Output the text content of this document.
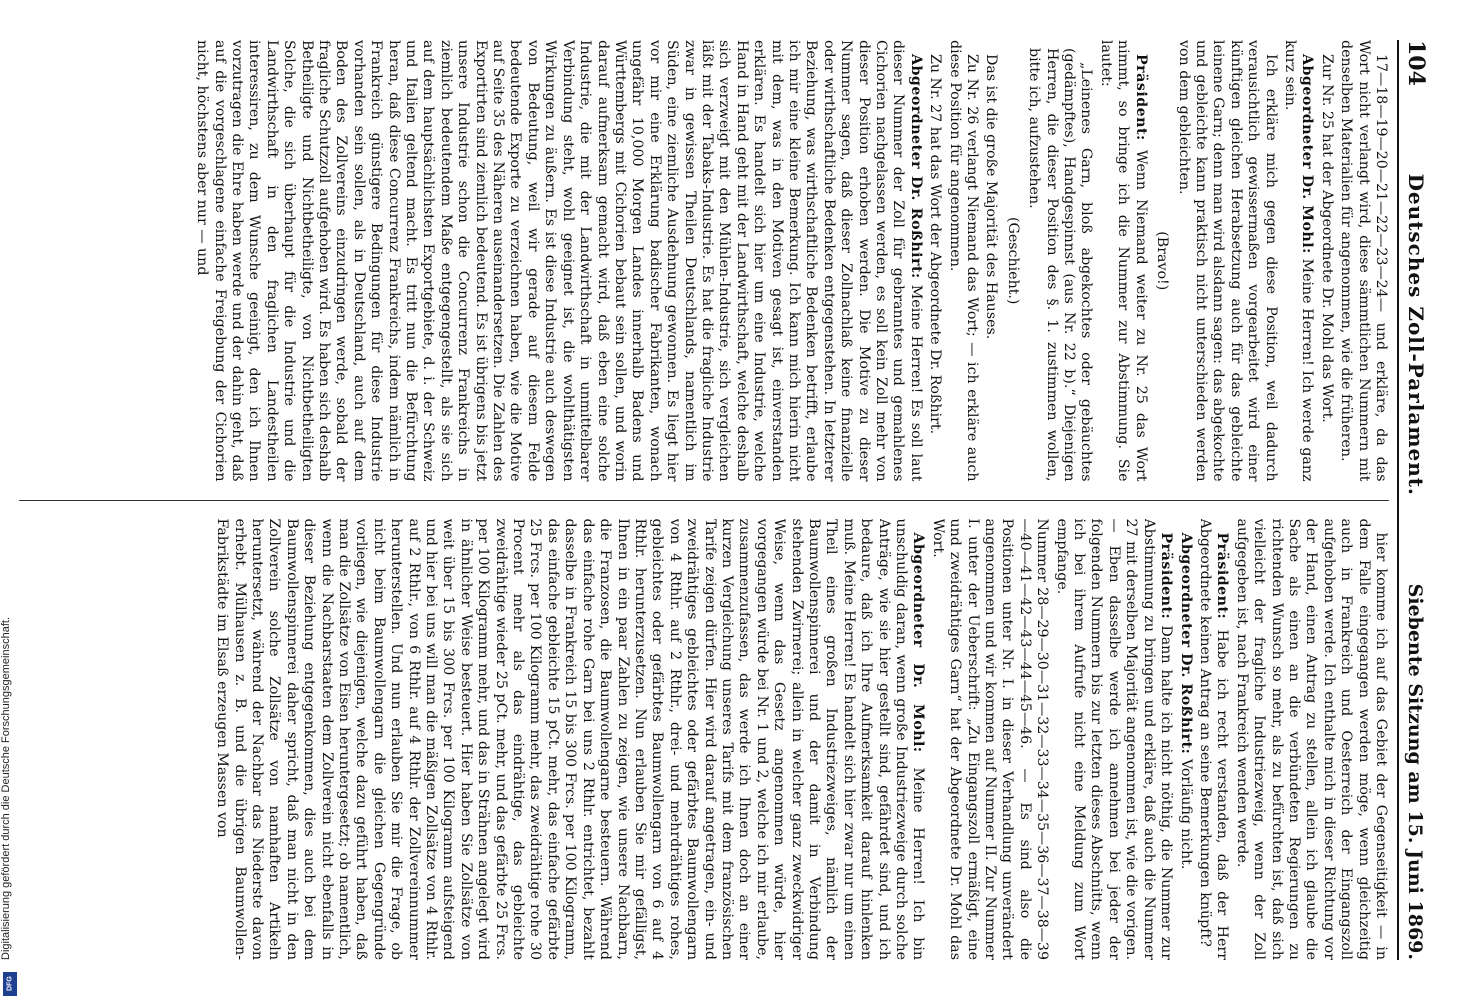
104
Deutsches Zoll-Parlament.
Siebente Sitzung am 15. Juni 1869.

17—18—19—20—21—22—23—24— und erkläre, da das Wort nicht verlangt wird, diese sämmtlichen Nummern mit denselben Materialien für angenommen, wie die früheren.

Zur Nr. 25 hat der Abgeordnete Dr. Mohl das Wort.

Abgeordneter Dr. Mohl: Meine Herren! Ich werde ganz kurz sein.

Ich erkläre mich gegen diese Position, weil dadurch verausichtlich gewissermaßen vorgearbeitet wird einer künftigen gleichen Herabsetzung auch für das gebleichte leinene Garn; denn man wird alsdann sagen: das abgekochte und gebleichte kann praktisch nicht unterschieden werden von dem gebleichten.

(Bravo!)

Präsident: Wenn Niemand weiter zu Nr. 25 das Wort nimmt, so bringe ich die Nummer zur Abstimmung. Sie lautet:

„Leinenes Garn, bloß abgekochtes oder gebäuchtes (gedämpftes), Handgespinnst (aus Nr. 22 b).“ Diejenigen Herren, die dieser Position des §. 1. zustimmen wollen, bitte ich, aufzustehen.

(Geschieht.)

Das ist die große Majorität des Hauses.

Zu Nr. 26 verlangt Niemand das Wort; — ich erkläre auch diese Position für angenommen.

Zu Nr. 27 hat das Wort der Abgeordnete Dr. Roßhirt.

Abgeordneter Dr. Roßhirt: Meine Herren! Es soll laut dieser Nummer der Zoll für gebranntes und gemahlenes Cichorien nachgelassen werden, es soll kein Zoll mehr von dieser Position erhoben werden. Die Motive zu dieser Nummer sagen, daß dieser Zollnachlaß keine finanzielle oder wirthschaftliche Bedenken entgegenstehen. In letzterer Beziehung, was wirthschaftliche Bedenken betrifft, erlaube ich mir eine kleine Bemerkung. Ich kann mich hierin nicht mit dem, was in den Motiven gesagt ist, einverstanden erklären. Es handelt sich hier um eine Industrie, welche Hand in Hand geht mit der Landwirthschaft, welche deshalb sich verzweigt mit den Mühlen-Industrie, sich vergleichen läßt mit der Tabaks-Industrie. Es hat die fragliche Industrie zwar in gewissen Theilen Deutschlands, namentlich im Süden, eine ziemliche Ausdehnung gewonnen. Es liegt hier vor mir eine Erklärung badischer Fabrikanten, wonach ungefähr 10,000 Morgen Landes innerhalb Badens und Württembergs mit Cichorien bebaut sein sollen, und worin darauf aufmerksam gemacht wird, daß eben eine solche Industrie, die mit der Landwirthschaft in unmittelbarer Verbindung steht, wohl geeignet ist, die wohlthätigsten Wirkungen zu äußern. Es ist diese Industrie auch deswegen von Bedeutung, weil wir gerade auf diesem Felde bedeutende Exporte zu verzeichnen haben, wie die Motive auf Seite 35 des Näheren auseinandersetzen. Die Zahlen des Exportirten sind ziemlich bedeutend. Es ist übrigens bis jetzt unsere Industrie schon die Concurrenz Frankreichs in ziemlich bedeutendem Maße entgegengestellt, als sie sich auf dem hauptsächlichsten Exportgebiete, d. i. der Schweiz und Italien geltend macht. Es tritt nun die Befürchtung heran, daß diese Concurrenz Frankreichs, indem nämlich in Frankreich günstigere Bedingungen für diese Industrie vorhanden sein sollen, als in Deutschland, auch auf dem Boden des Zollvereins einzudringen werde, sobald der fragliche Schutzzoll aufgehoben wird. Es haben sich deshalb Betheiligte und Nichtbetheiligte, von Nichtbetheiligten Solche, die sich überhaupt für die Industrie und die Landwirthschaft in den fraglichen Landestheilen interessiren, zu dem Wunsche geeinigt, den ich Ihnen vorzutragen die Ehre haben werde und der dahin geht, daß auf die vorgeschlagene einfache Freigebung der Cichorien nicht, höchstens aber nur — und

hier komme ich auf das Gebiet der Gegenseitigkeit — in dem Falle eingegangen werden möge, wenn gleichzeitig auch in Frankreich und Oesterreich der Eingangszoll aufgehoben werde. Ich enthalte mich in dieser Richtung vor der Hand, einen Antrag zu stellen, allein ich glaube die Sache als einen an die verbündeten Regierungen zu richtenden Wunsch so mehr, als zu befürchten ist, daß sich vielleicht der fragliche Industriezweig, wenn der Zoll aufgegeben ist, nach Frankreich wenden werde.

Präsident: Habe ich recht verstanden, daß der Herr Abgeordnete keinen Antrag an seine Bemerkungen knüpft?

Abgeordneter Dr. Roßhirt: Vorläufig nicht.

Präsident: Dann halte ich nicht nöthig, die Nummer zur Abstimmung zu bringen und erkläre, daß auch die Nummer 27 mit derselben Majorität angenommen ist, wie die vorigen. — Eben dasselbe werde ich annehmen bei jeder der folgenden Nummern bis zur letzten dieses Abschnitts, wenn ich bei ihrem Aufrufe nicht eine Meldung zum Wort empfange.

Nummer 28—29—30—31—32—33—34—35—36—37—38—39—40—41—42—43—44—45—46. — Es sind also die Positionen unter Nr. I. in dieser Verhandlung unverändert angenommen und wir kommen auf Nummer II. Zur Nummer I. unter der Ueberschrift: „Zu Eingangszoll ermäßigt, eine und zweidrähtiges Garn“ hat der Abgeordnete Dr. Mohl das Wort.

Abgeordneter Dr. Mohl: Meine Herren! Ich bin unschuldig daran, wenn große Industriezweige durch solche Anträge, wie sie hier gestellt sind, gefährdet sind, und ich bedaure, daß ich Ihre Aufmerksamkeit darauf hinlenken muß. Meine Herren! Es handelt sich hier zwar nur um einen Theil eines großen Industriezweiges, nämlich der Baumwollenspinnerei und der damit in Verbindung stehenden Zwirnerei; allein in welcher ganz zweckwidriger Weise, wenn das Gesetz angenommen würde, hier vorgegangen würde bei Nr. 1 und 2, welche ich mir erlaube, zusammenzufassen, das werde ich Ihnen doch an einer kurzen Vergleichung unseres Tarifs mit dem französischen Tarife zeigen dürfen. Hier wird darauf angetragen, ein- und zweidrähtiges gebleichtes oder gefärbtes Baumwollengarn von 4 Rthlr. auf 2 Rthlr., drei- und mehrdrähtiges rohes, gebleichtes oder gefärbtes Baumwollengarn von 6 auf 4 Rthlr. herunterzusetzen. Nun erlauben Sie mir gefälligst, Ihnen in ein paar Zahlen zu zeigen, wie unsere Nachbarn, die Franzosen, die Baumwollengarne besteuern. Während das einfache rohe Garn bei uns 2 Rthlr. entrichtet, bezahlt dasselbe in Frankreich 15 bis 300 Frcs. per 100 Kilogramm, das einfache gebleichte 15 pCt. mehr, das einfache gefärbte 25 Frcs. per 100 Kilogramm mehr, das zweidrähtige rohe 30 Procent mehr als das eindrähtige, das gebleichte zweidrähtige wieder 25 pCt. mehr, und das gefärbte 25 Frcs. per 100 Kilogramm mehr, und das in Strähnen angelegt wird in ähnlicher Weise besteuert. Hier haben Sie Zollsätze von weit über 15 bis 300 Frcs. per 100 Kilogramm aufsteigend und hier bei uns will man die mäßigen Zollsätze von 4 Rthlr. auf 2 Rthlr., von 6 Rthlr. auf 4 Rthlr. der Zollvereinnummer herunterstellen. Und nun erlauben Sie mir die Frage, ob nicht beim Baumwollengarn die gleichen Gegengründe vorliegen, wie diejenigen, welche dazu geführt haben, daß man die Zollsätze von Eisen heruntergesetzt; ob namentlich, wenn die Nachbarstaaten dem Zollverein nicht ebenfalls in dieser Beziehung entgegenkommen, dies auch bei dem Baumwollenspinnerei daher spricht, daß man nicht in den Zollverein solche Zollsätze von namhaften Artikeln heruntersetzt, während der Nachbar das Niederste davon erhebt. Mülhausen z. B. und die übrigen Baumwollen-Fabrikstädte im Elsaß erzeugen Massen von

Digitalisierung gefördert durch die Deutsche Forschungsgemeinschaft.
DFG
